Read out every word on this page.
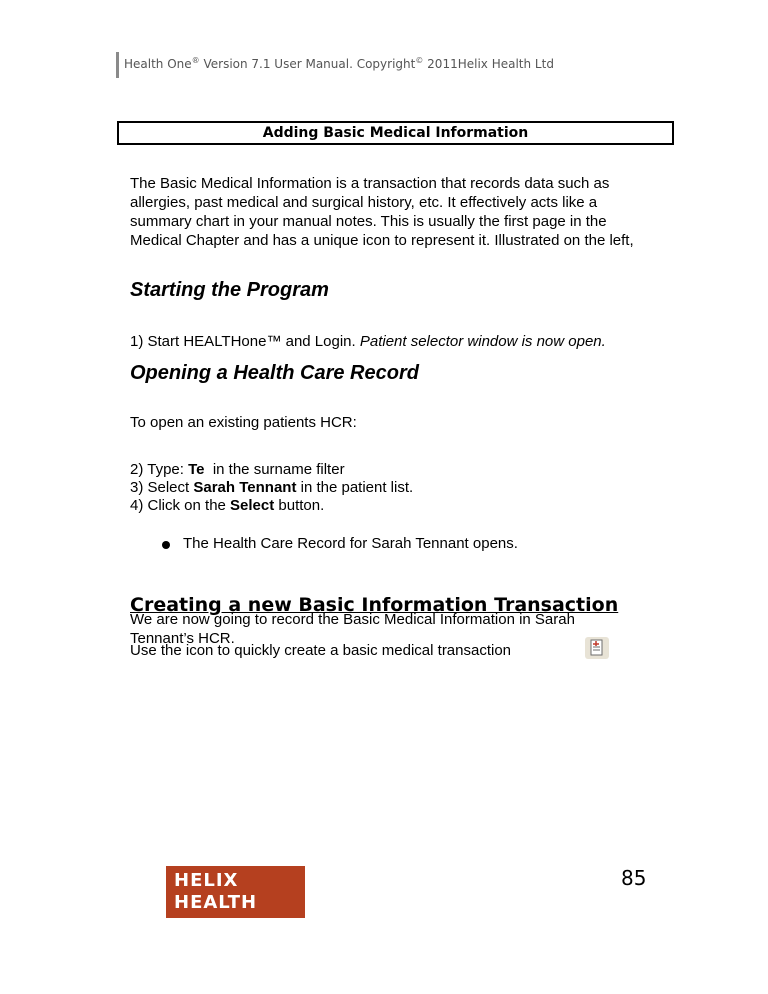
Health One® Version 7.1 User Manual. Copyright© 2011Helix Health Ltd
Adding Basic Medical Information
The Basic Medical Information is a transaction that records data such as allergies, past medical and surgical history, etc. It effectively acts like a summary chart in your manual notes. This is usually the first page in the Medical Chapter and has a unique icon to represent it. Illustrated on the left,
Starting the Program
1) Start HEALTHone™ and Login. Patient selector window is now open.
Opening a Health Care Record
To open an existing patients HCR:
2) Type: Te  in the surname filter
3) Select Sarah Tennant in the patient list.
4) Click on the Select button.
The Health Care Record for Sarah Tennant opens.
Creating a new Basic Information Transaction
We are now going to record the Basic Medical Information in Sarah Tennant’s HCR.
Use the icon to quickly create a basic medical transaction
HELIX
HEALTH
85
